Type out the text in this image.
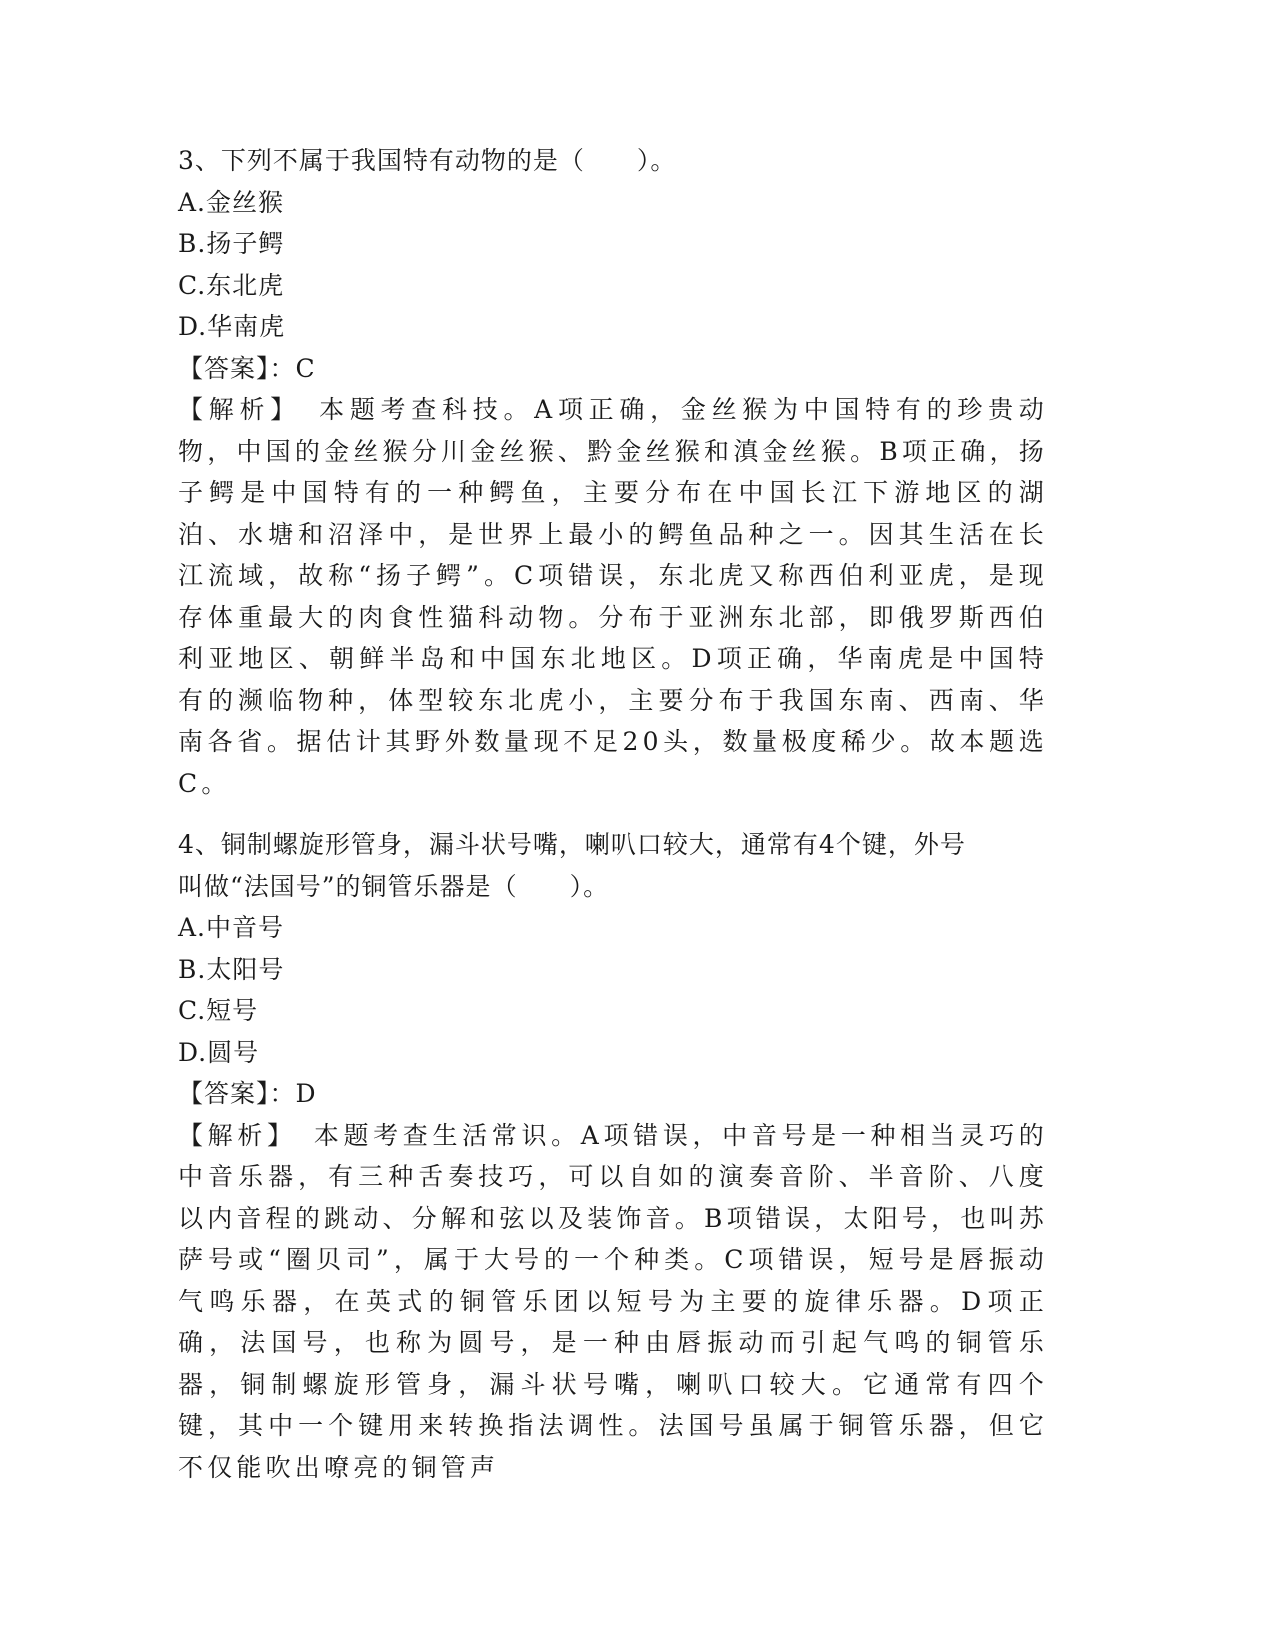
3、下列不属于我国特有动物的是（　　）。
A.金丝猴
B.扬子鳄
C.东北虎
D.华南虎
【答案】：C

【解析】　本题考查科技。A项正确，金丝猴为中国特有的珍贵动物，中国的金丝猴分川金丝猴、黔金丝猴和滇金丝猴。B项正确，扬子鳄是中国特有的一种鳄鱼，主要分布在中国长江下游地区的湖泊、水塘和沼泽中，是世界上最小的鳄鱼品种之一。因其生活在长江流域，故称“扬子鳄”。C项错误，东北虎又称西伯利亚虎，是现存体重最大的肉食性猫科动物。分布于亚洲东北部，即俄罗斯西伯利亚地区、朝鲜半岛和中国东北地区。D项正确，华南虎是中国特有的濒临物种，体型较东北虎小，主要分布于我国东南、西南、华南各省。据估计其野外数量现不足20头，数量极度稀少。故本题选C。

4、铜制螺旋形管身，漏斗状号嘴，喇叭口较大，通常有4个键，外号
叫做“法国号”的铜管乐器是（　　）。
A.中音号
B.太阳号
C.短号
D.圆号
【答案】：D

【解析】　本题考查生活常识。A项错误，中音号是一种相当灵巧的中音乐器，有三种舌奏技巧，可以自如的演奏音阶、半音阶、八度以内音程的跳动、分解和弦以及装饰音。B项错误，太阳号，也叫苏萨号或“圈贝司”，属于大号的一个种类。C项错误，短号是唇振动气鸣乐器，在英式的铜管乐团以短号为主要的旋律乐器。D项正确，法国号，也称为圆号，是一种由唇振动而引起气鸣的铜管乐器，铜制螺旋形管身，漏斗状号嘴，喇叭口较大。它通常有四个键，其中一个键用来转换指法调性。法国号虽属于铜管乐器，但它不仅能吹出嘹亮的铜管声
